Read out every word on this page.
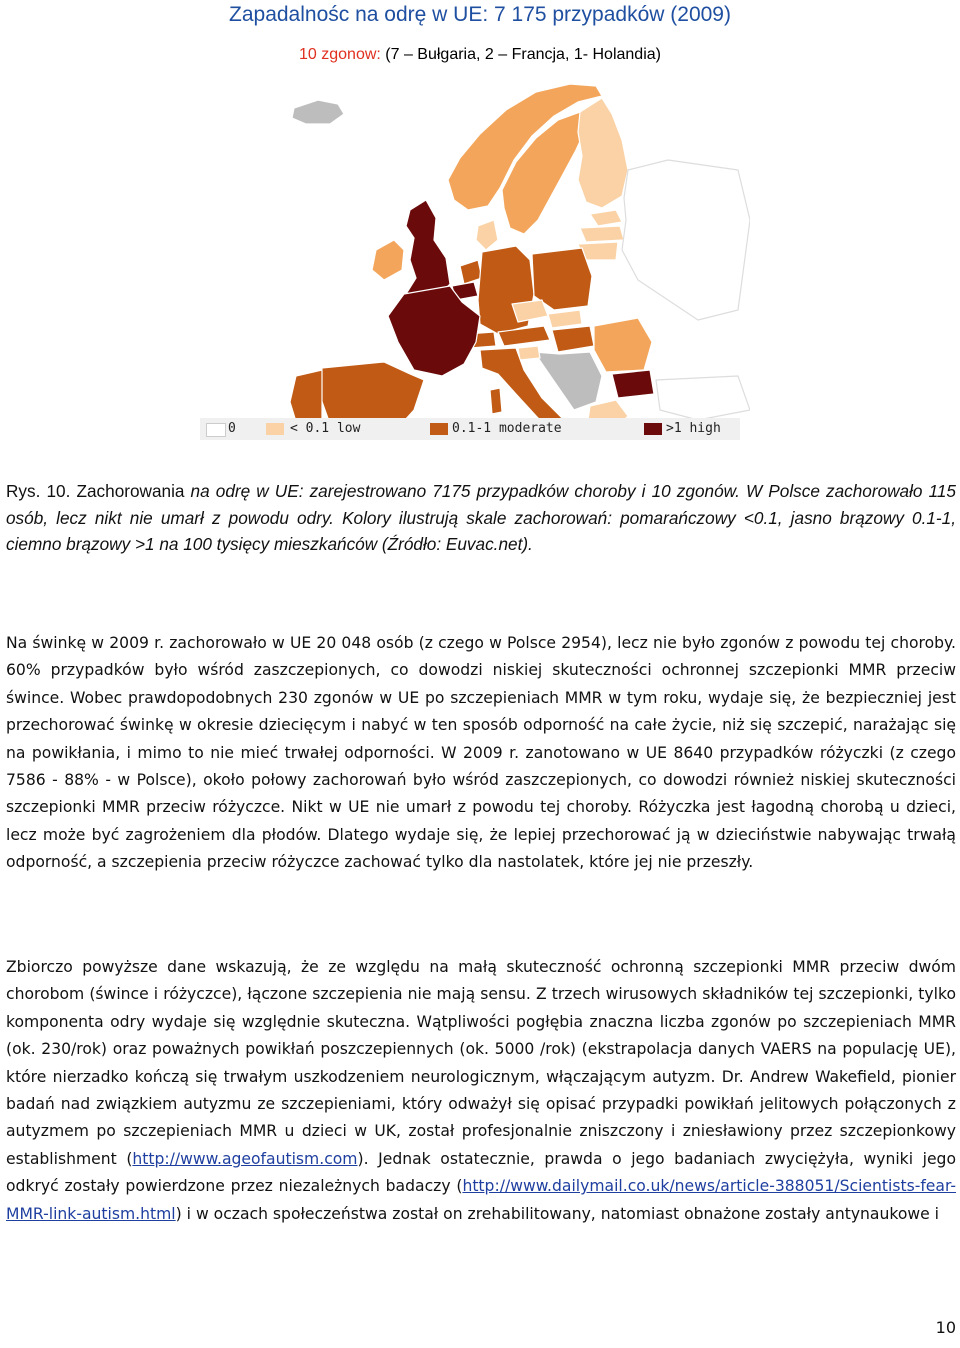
Zapadalnośc na odrę w UE: 7 175 przypadków (2009)
10 zgonow: (7 – Bułgaria, 2 – Francja, 1- Holandia)
0	< 0.1 low	0.1-1 moderate	>1 high
Rys. 10. Zachorowania na odrę w UE: zarejestrowano 7175 przypadków choroby i 10 zgonów. W Polsce zachorowało 115 osób, lecz nikt nie umarł z powodu odry. Kolory ilustrują skale zachorowań: pomarańczowy <0.1, jasno brązowy 0.1-1, ciemno brązowy >1 na 100 tysięcy mieszkańców (Źródło: Euvac.net).
Na świnkę w 2009 r. zachorowało w UE 20 048 osób (z czego w Polsce 2954), lecz nie było zgonów z powodu tej choroby. 60% przypadków było wśród zaszczepionych, co dowodzi niskiej skuteczności ochronnej szczepionki MMR przeciw śwince. Wobec prawdopodobnych 230 zgonów w UE po szczepieniach MMR w tym roku, wydaje się, że bezpieczniej jest przechorować świnkę w okresie dziecięcym i nabyć w ten sposób odporność na całe życie, niż się szczepić, narażając się na powikłania, i mimo to nie mieć trwałej odporności. W 2009 r. zanotowano w UE 8640 przypadków różyczki (z czego 7586 - 88% - w Polsce), około połowy zachorowań było wśród zaszczepionych, co dowodzi również niskiej skuteczności szczepionki MMR przeciw różyczce. Nikt w UE nie umarł z powodu tej choroby. Różyczka jest łagodną chorobą u dzieci, lecz może być zagrożeniem dla płodów. Dlatego wydaje się, że lepiej przechorować ją w dzieciństwie nabywając trwałą odporność, a szczepienia przeciw różyczce zachować tylko dla nastolatek, które jej nie przeszły.
Zbiorczo powyższe dane wskazują, że ze względu na małą skuteczność ochronną szczepionki MMR przeciw dwóm chorobom (śwince i różyczce), łączone szczepienia nie mają sensu. Z trzech wirusowych składników tej szczepionki, tylko komponenta odry wydaje się względnie skuteczna. Wątpliwości pogłębia znaczna liczba zgonów po szczepieniach MMR (ok. 230/rok) oraz poważnych powikłań poszczepiennych (ok. 5000 /rok) (ekstrapolacja danych VAERS na populację UE), które nierzadko kończą się trwałym uszkodzeniem neurologicznym, włączającym autyzm. Dr. Andrew Wakefield, pionier badań nad związkiem autyzmu ze szczepieniami, który odważył się opisać przypadki powikłań jelitowych połączonych z autyzmem po szczepieniach MMR u dzieci w UK, został profesjonalnie zniszczony i zniesławiony przez szczepionkowy establishment (http://www.ageofautism.com). Jednak ostatecznie, prawda o jego badaniach zwyciężyła, wyniki jego odkryć zostały powierdzone przez niezależnych badaczy (http://www.dailymail.co.uk/news/article-388051/Scientists-fear-MMR-link-autism.html) i w oczach społeczeństwa został on zrehabilitowany, natomiast obnażone zostały antynaukowe i
10
